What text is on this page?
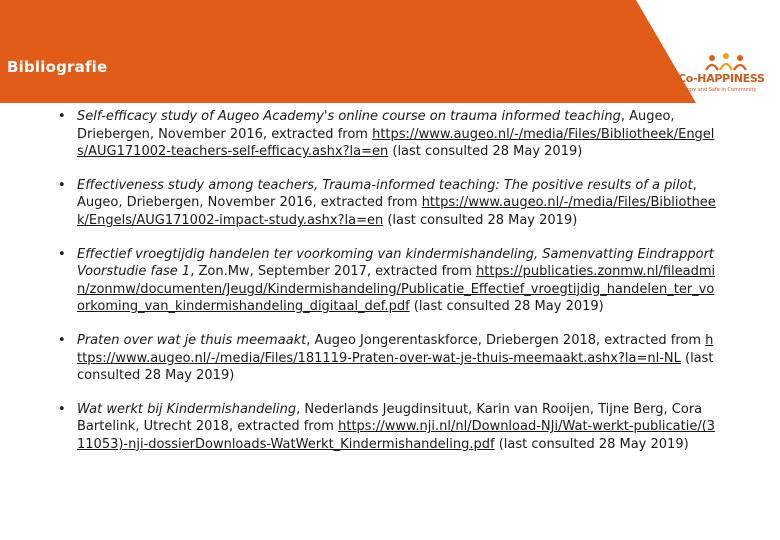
Bibliografie
Co-HAPPINESS
Happy and Safe in Community
• Self-efficacy study of Augeo Academy's online course on trauma informed teaching, Augeo, Driebergen, November 2016, extracted from https://www.augeo.nl/-/media/Files/Bibliotheek/Engels/AUG171002-teachers-self-efficacy.ashx?la=en (last consulted 28 May 2019)
• Effectiveness study among teachers, Trauma-informed teaching: The positive results of a pilot, Augeo, Driebergen, November 2016, extracted from https://www.augeo.nl/-/media/Files/Bibliotheek/Engels/AUG171002-impact-study.ashx?la=en (last consulted 28 May 2019)
• Effectief vroegtijdig handelen ter voorkoming van kindermishandeling, Samenvatting Eindrapport Voorstudie fase 1, Zon.Mw, September 2017, extracted from https://publicaties.zonmw.nl/fileadmin/zonmw/documenten/Jeugd/Kindermishandeling/Publicatie_Effectief_vroegtijdig_handelen_ter_voorkoming_van_kindermishandeling_digitaal_def.pdf (last consulted 28 May 2019)
• Praten over wat je thuis meemaakt, Augeo Jongerentaskforce, Driebergen 2018, extracted from https://www.augeo.nl/-/media/Files/181119-Praten-over-wat-je-thuis-meemaakt.ashx?la=nl-NL (last consulted 28 May 2019)
• Wat werkt bij Kindermishandeling, Nederlands Jeugdinsituut, Karin van Rooijen, Tijne Berg, Cora Bartelink, Utrecht 2018, extracted from https://www.nji.nl/nl/Download-NJi/Wat-werkt-publicatie/(311053)-nji-dossierDownloads-WatWerkt_Kindermishandeling.pdf (last consulted 28 May 2019)
